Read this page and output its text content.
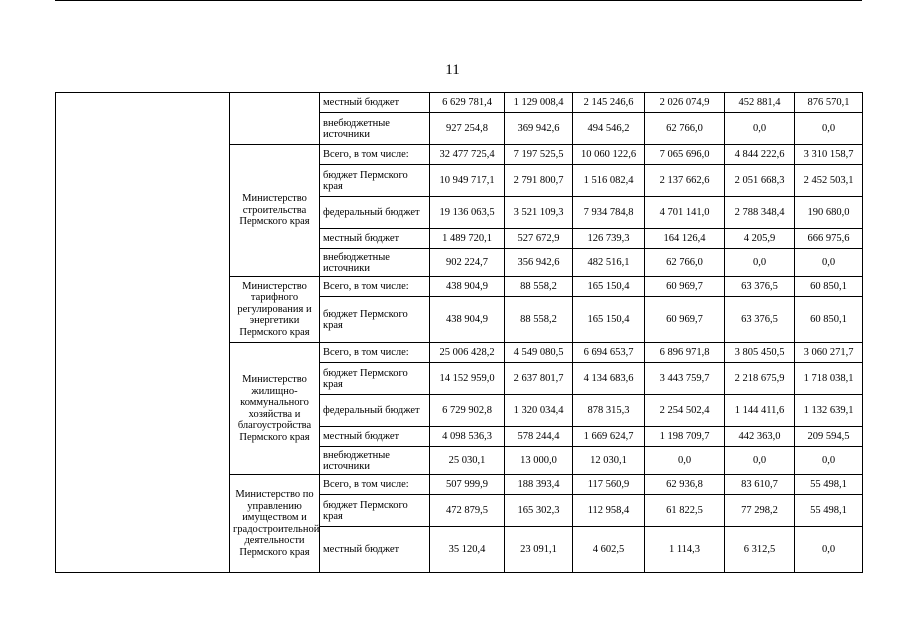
11
		местный бюджет	6 629 781,4	1 129 008,4	2 145 246,6	2 026 074,9	452 881,4	876 570,1
		внебюджетные источники	927 254,8	369 942,6	494 546,2	62 766,0	0,0	0,0
	Министерство строительства Пермского края	Всего, в том числе:	32 477 725,4	7 197 525,5	10 060 122,6	7 065 696,0	4 844 222,6	3 310 158,7
		бюджет Пермского края	10 949 717,1	2 791 800,7	1 516 082,4	2 137 662,6	2 051 668,3	2 452 503,1
		федеральный бюджет	19 136 063,5	3 521 109,3	7 934 784,8	4 701 141,0	2 788 348,4	190 680,0
		местный бюджет	1 489 720,1	527 672,9	126 739,3	164 126,4	4 205,9	666 975,6
		внебюджетные источники	902 224,7	356 942,6	482 516,1	62 766,0	0,0	0,0
	Министерство тарифного регулирования и энергетики Пермского края	Всего, в том числе:	438 904,9	88 558,2	165 150,4	60 969,7	63 376,5	60 850,1
		бюджет Пермского края	438 904,9	88 558,2	165 150,4	60 969,7	63 376,5	60 850,1
	Министерство жилищно-коммунального хозяйства и благоустройства Пермского края	Всего, в том числе:	25 006 428,2	4 549 080,5	6 694 653,7	6 896 971,8	3 805 450,5	3 060 271,7
		бюджет Пермского края	14 152 959,0	2 637 801,7	4 134 683,6	3 443 759,7	2 218 675,9	1 718 038,1
		федеральный бюджет	6 729 902,8	1 320 034,4	878 315,3	2 254 502,4	1 144 411,6	1 132 639,1
		местный бюджет	4 098 536,3	578 244,4	1 669 624,7	1 198 709,7	442 363,0	209 594,5
		внебюджетные источники	25 030,1	13 000,0	12 030,1	0,0	0,0	0,0
	Министерство по управлению имуществом и градостроительной деятельности Пермского края	Всего, в том числе:	507 999,9	188 393,4	117 560,9	62 936,8	83 610,7	55 498,1
		бюджет Пермского края	472 879,5	165 302,3	112 958,4	61 822,5	77 298,2	55 498,1
		местный бюджет	35 120,4	23 091,1	4 602,5	1 114,3	6 312,5	0,0
